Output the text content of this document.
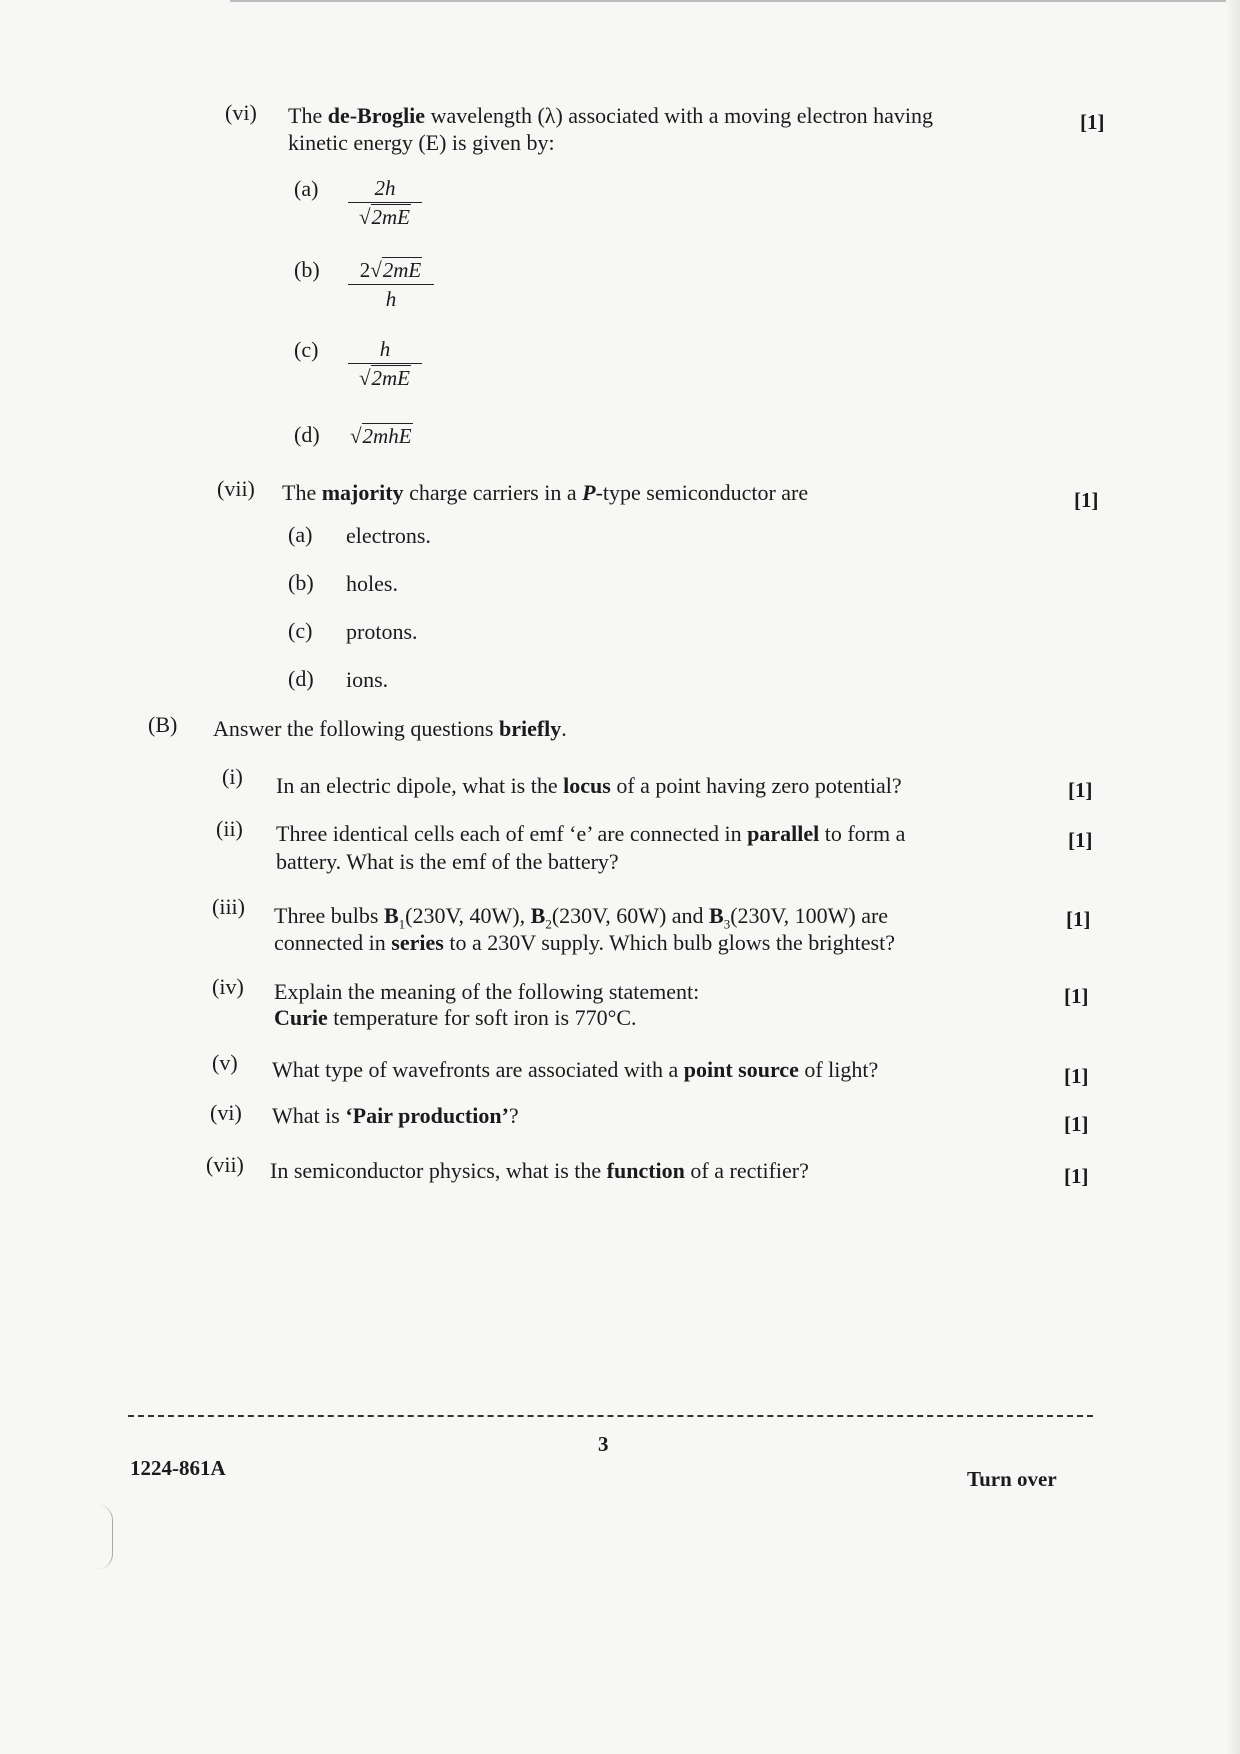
(vi) The de-Broglie wavelength (λ) associated with a moving electron having
kinetic energy (E) is given by:
[1]
(a)	2h
√2mE
(b)	2√2mE
h
(c)	h
√2mE
(d) √2mhE
(vii) The majority charge carriers in a P-type semiconductor are	[1]
(a) electrons.
(b) holes.
(c) protons.
(d) ions.
(B) Answer the following questions briefly.
(i) In an electric dipole, what is the locus of a point having zero potential?	[1]
(ii) Three identical cells each of emf ‘e’ are connected in parallel to form a
battery. What is the emf of the battery?
[1]
(iii) Three bulbs $B_1(230V$, 40W), $B_2(230V$, 60W) and $B_3(230V$, 100W) are
connected in series to a 230V supply. Which bulb glows the brightest?
[1]
(iv) Explain the meaning of the following statement:
Curie temperature for soft iron is 770°C.
[1]
(v) What type of wavefronts are associated with a point source of light?	[1]
(vi) What is ‘Pair production’?	[1]
(vii) In semiconductor physics, what is the function of a rectifier?	[1]
3
1224-861A	Turn over
